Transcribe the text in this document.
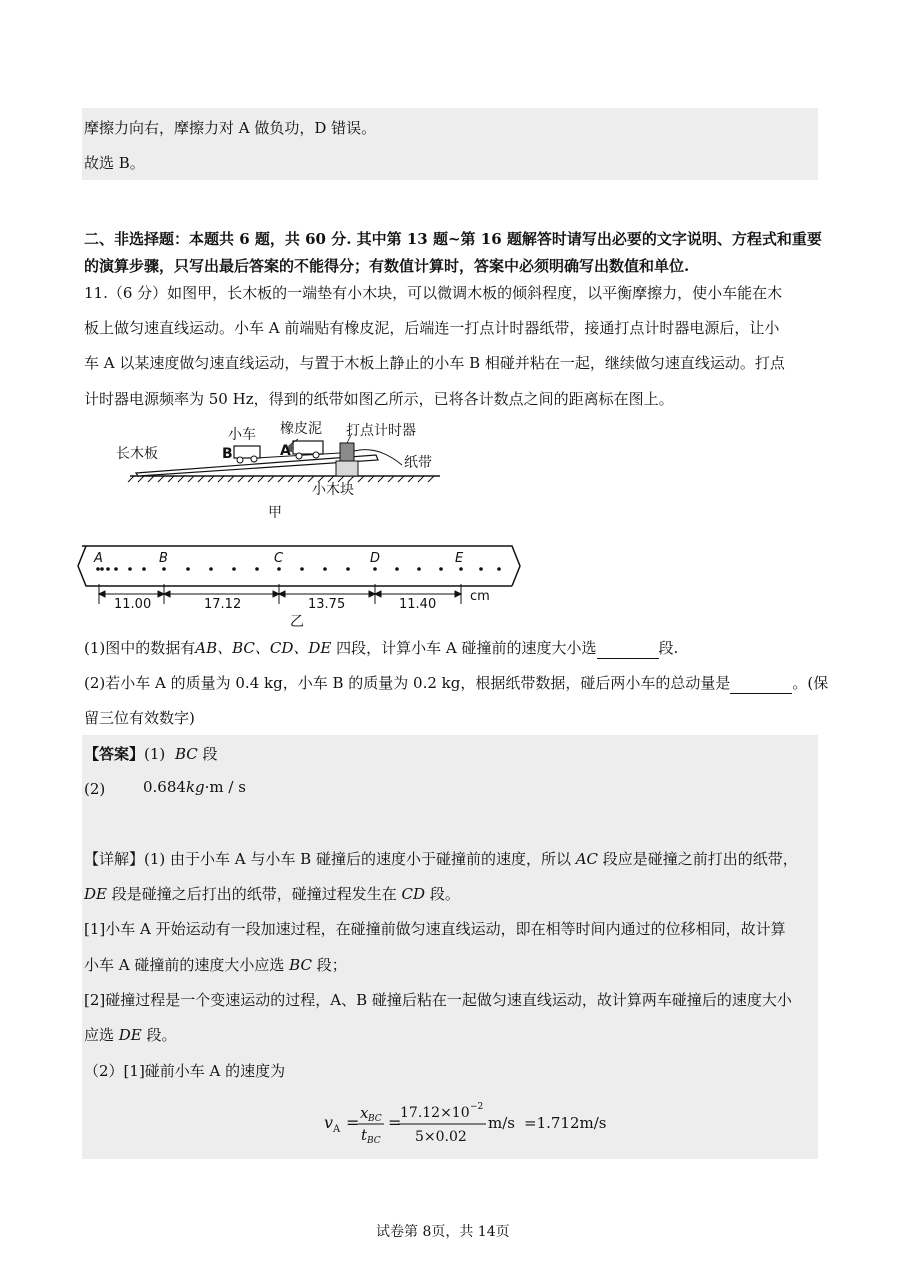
摩擦力向右，摩擦力对 A 做负功，D 错误。
故选 B。
二、非选择题：本题共 6 题，共 60 分. 其中第 13 题~第 16 题解答时请写出必要的文字说明、方程式和重要
的演算步骤，只写出最后答案的不能得分；有数值计算时，答案中必须明确写出数值和单位.
11.（6 分）如图甲，长木板的一端垫有小木块，可以微调木板的倾斜程度，以平衡摩擦力，使小车能在木
板上做匀速直线运动。小车 A 前端贴有橡皮泥，后端连一打点计时器纸带，接通打点计时器电源后，让小
车 A 以某速度做匀速直线运动，与置于木板上静止的小车 B 相碰并粘在一起，继续做匀速直线运动。打点
计时器电源频率为 50 Hz，得到的纸带如图乙所示，已将各计数点之间的距离标在图上。
长木板
小车 橡皮泥 打点计时器
纸带
小木块
B	A
甲
A	B	C	D	E
11.00	17.12	13.75	11.40
cm
乙
(1)图中的数据有AB、BC、CD、DE 四段，计算小车 A 碰撞前的速度大小选	段.
(2)若小车 A 的质量为 0.4 kg，小车 B 的质量为 0.2 kg，根据纸带数据，碰后两小车的总动量是	。(保
留三位有效数字)
【答案】(1) BC 段
(2)	0.684kg·m / s
【详解】(1) 由于小车 A 与小车 B 碰撞后的速度小于碰撞前的速度，所以 AC 段应是碰撞之前打出的纸带，
DE 段是碰撞之后打出的纸带，碰撞过程发生在 CD 段。
[1]小车 A 开始运动有一段加速过程，在碰撞前做匀速直线运动，即在相等时间内通过的位移相同，故计算
小车 A 碰撞前的速度大小应选 BC 段；
[2]碰撞过程是一个变速运动的过程，A、B 碰撞后粘在一起做匀速直线运动，故计算两车碰撞后的速度大小
应选 DE 段。
（2）[1]碰前小车 A 的速度为
v A = x BC
t BC
=
17.12×10 −2
5×0.02
m/s =1.712m/s
试卷第 8页，共 14页
